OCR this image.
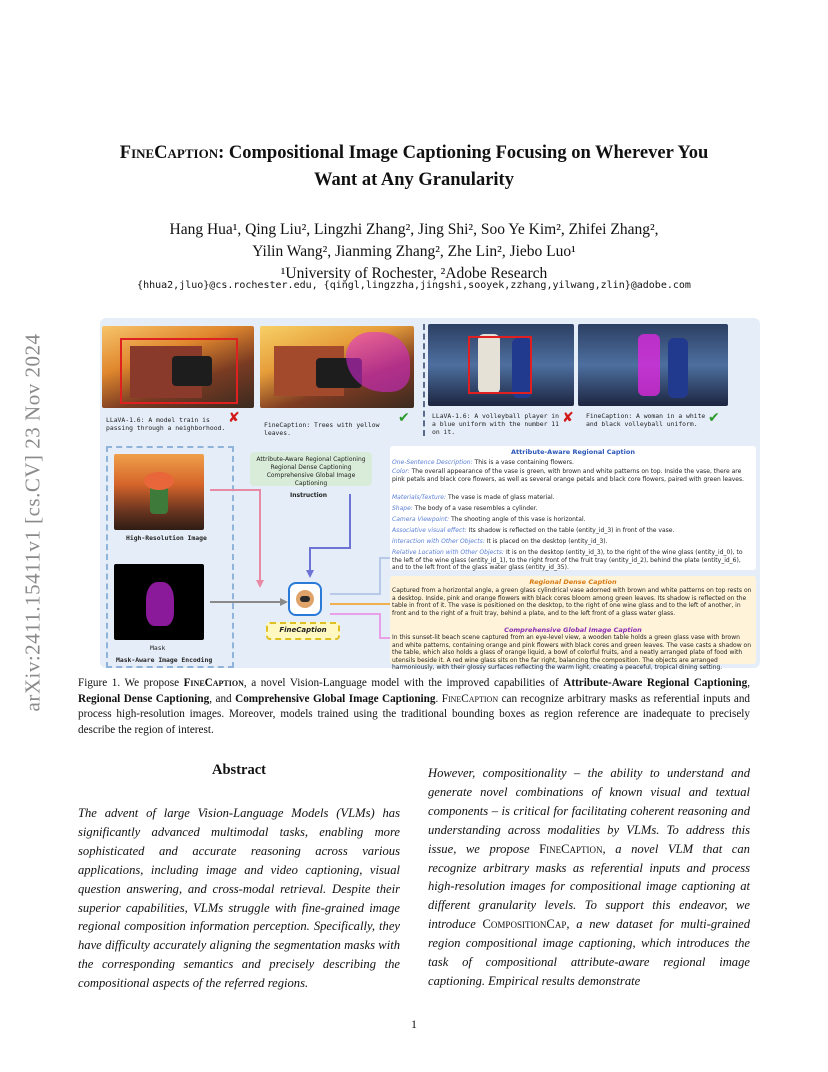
arXiv:2411.15411v1 [cs.CV] 23 Nov 2024
FineCaption: Compositional Image Captioning Focusing on Wherever You
Want at Any Granularity
Hang Hua¹, Qing Liu², Lingzhi Zhang², Jing Shi², Soo Ye Kim², Zhifei Zhang²,
Yilin Wang², Jianming Zhang², Zhe Lin², Jiebo Luo¹
¹University of Rochester, ²Adobe Research
{hhua2,jluo}@cs.rochester.edu, {qingl,lingzzha,jingshi,sooyek,zzhang,yilwang,zlin}@adobe.com
LLaVA-1.6: A model train is passing through a neighborhood.
✘	FineCaption: Trees with yellow leaves.
✔	LLaVA-1.6: A volleyball player in a blue uniform with the number 11 on it.
✘ FineCaption: A woman in a white and black volleyball uniform. ✔
High-Resolution Image
Mask
Mask-Aware Image Encoding
Attribute-Aware Regional Captioning
Regional Dense Captioning
Comprehensive Global Image Captioning
Instruction
FineCaption
Attribute-Aware Regional Caption
One-Sentence Description: This is a vase containing flowers.
Color: The overall appearance of the vase is green, with brown and white patterns on top. Inside the vase, there are pink petals and black core flowers, as well as several orange petals and black core flowers, paired with green leaves.
Materials/Texture: The vase is made of glass material.
Shape: The body of a vase resembles a cylinder.
Camera Viewpoint: The shooting angle of this vase is horizontal.
Associative visual effect: Its shadow is reflected on the table (entity_id_3) in front of the vase.
Interaction with Other Objects: It is placed on the desktop (entity_id_3).
Relative Location with Other Objects: It is on the desktop (entity_id_3), to the right of the wine glass (entity_id_0), to the left of the wine glass (entity_id_1), to the right front of the fruit tray (entity_id_2), behind the plate (entity_id_6), and to the left front of the glass water glass (entity_id_35).
Regional Dense Caption
Captured from a horizontal angle, a green glass cylindrical vase adorned with brown and white patterns on top rests on a desktop. Inside, pink and orange flowers with black cores bloom among green leaves. Its shadow is reflected on the table in front of it. The vase is positioned on the desktop, to the right of one wine glass and to the left of another, in front and to the right of a fruit tray, behind a plate, and to the left front of a glass water glass.
Comprehensive Global Image Caption
In this sunset-lit beach scene captured from an eye-level view, a wooden table holds a green glass vase with brown and white patterns, containing orange and pink flowers with black cores and green leaves. The vase casts a shadow on the table, which also holds a glass of orange liquid, a bowl of colorful fruits, and a neatly arranged plate of food with utensils beside it. A red wine glass sits on the far right, balancing the composition. The objects are arranged harmoniously, with their glossy surfaces reflecting the warm light, creating a peaceful, tropical dining setting.
Figure 1. We propose FineCaption, a novel Vision-Language model with the improved capabilities of Attribute-Aware Regional Captioning, Regional Dense Captioning, and Comprehensive Global Image Captioning. FineCaption can recognize arbitrary masks as referential inputs and process high-resolution images. Moreover, models trained using the traditional bounding boxes as region reference are inadequate to precisely describe the region of interest.
Abstract
The advent of large Vision-Language Models (VLMs) has significantly advanced multimodal tasks, enabling more sophisticated and accurate reasoning across various applications, including image and video captioning, visual question answering, and cross-modal retrieval. Despite their superior capabilities, VLMs struggle with fine-grained image regional composition information perception. Specifically, they have difficulty accurately aligning the segmentation masks with the corresponding semantics and precisely describing the compositional aspects of the referred regions.
However, compositionality – the ability to understand and generate novel combinations of known visual and textual components – is critical for facilitating coherent reasoning and understanding across modalities by VLMs. To address this issue, we propose FineCaption, a novel VLM that can recognize arbitrary masks as referential inputs and process high-resolution images for compositional image captioning at different granularity levels. To support this endeavor, we introduce CompositionCap, a new dataset for multi-grained region compositional image captioning, which introduces the task of compositional attribute-aware regional image captioning. Empirical results demonstrate
1
